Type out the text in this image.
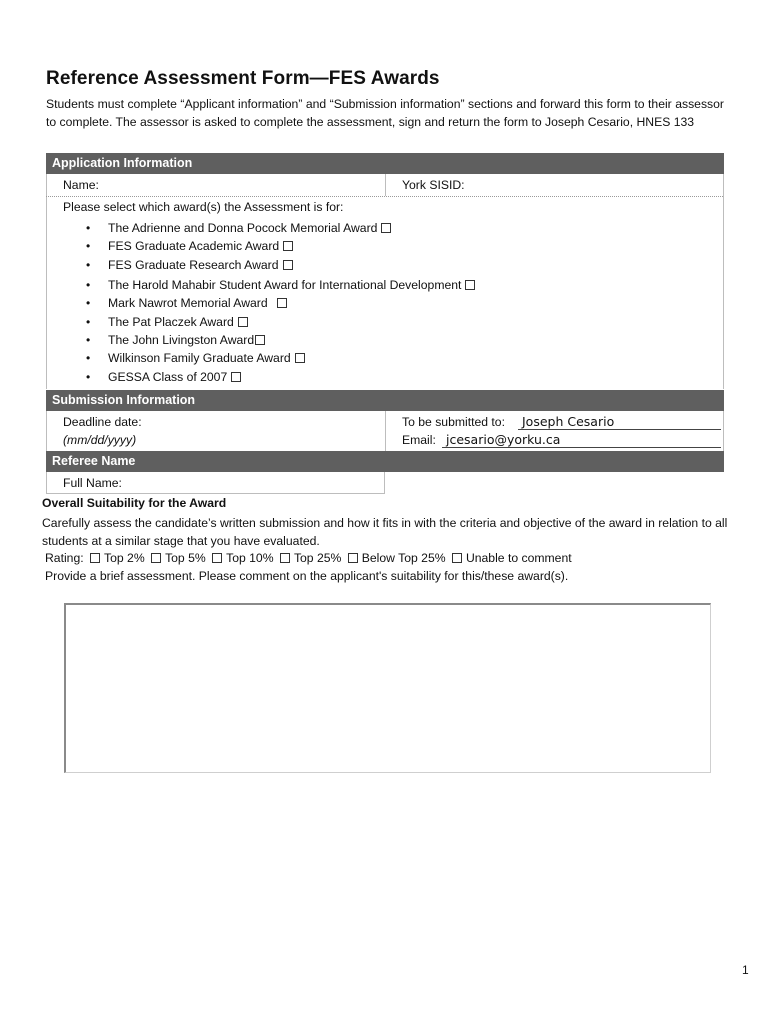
Reference Assessment Form—FES Awards
Students must complete “Applicant information” and “Submission information” sections and forward this form to their assessor to complete. The assessor is asked to complete the assessment, sign and return the form to Joseph Cesario, HNES 133
Application Information
Name:	York SISID:
Please select which award(s) the Assessment is for:
• The Adrienne and Donna Pocock Memorial Award
• FES Graduate Academic Award
• FES Graduate Research Award
• The Harold Mahabir Student Award for International Development
• Mark Nawrot Memorial Award
• The Pat Placzek Award
• The John Livingston Award
• Wilkinson Family Graduate Award
• GESSA Class of 2007
Submission Information
Deadline date:
(mm/dd/yyyy)
To be submitted to:	Joseph Cesario
Email: jcesario@yorku.ca
Referee Name
Full Name:
Overall Suitability for the Award
Carefully assess the candidate’s written submission and how it fits in with the criteria and objective of the award in relation to all students at a similar stage that you have evaluated.
Rating: Top 2% Top 5% Top 10% Top 25% Below Top 25% Unable to comment
Provide a brief assessment. Please comment on the applicant's suitability for this/these award(s).
1
